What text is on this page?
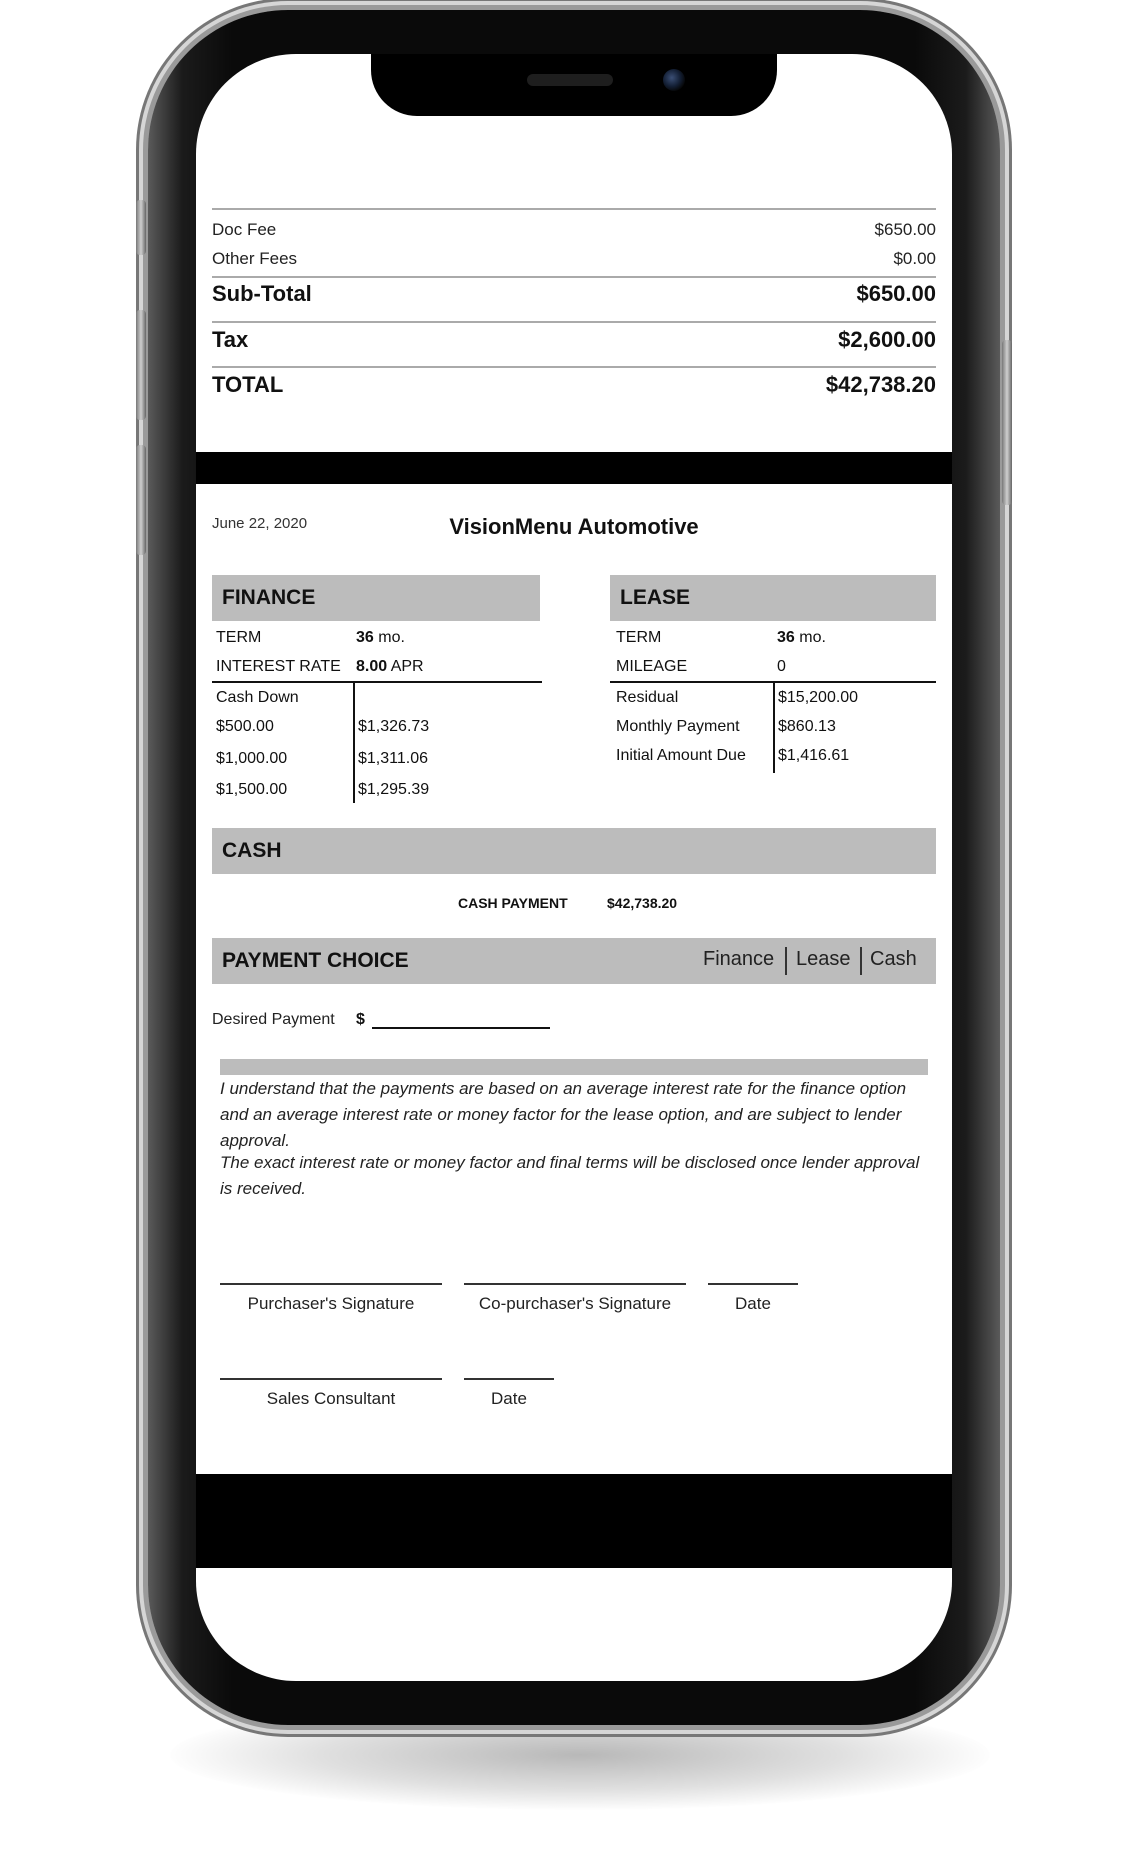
Doc Fee	$650.00
Other Fees	$0.00
Sub-Total	$650.00
Tax	$2,600.00
TOTAL	$42,738.20
June 22, 2020	VisionMenu Automotive
FINANCE
TERM	36 mo.
INTEREST RATE 8.00 APR
Cash Down
$500.00	$1,326.73
$1,000.00	$1,311.06
$1,500.00	$1,295.39
LEASE
TERM	36 mo.
MILEAGE	0
Residual	$15,200.00
Monthly Payment $860.13
Initial Amount Due $1,416.61
CASH
CASH PAYMENT	$42,738.20
PAYMENT CHOICE	Finance Lease Cash
Desired Payment $
I understand that the payments are based on an average interest rate for the finance option and an average interest rate or money factor for the lease option, and are subject to lender approval.
The exact interest rate or money factor and final terms will be disclosed once lender approval is received.
Purchaser's Signature	Co-purchaser's Signature	Date
Sales Consultant	Date
